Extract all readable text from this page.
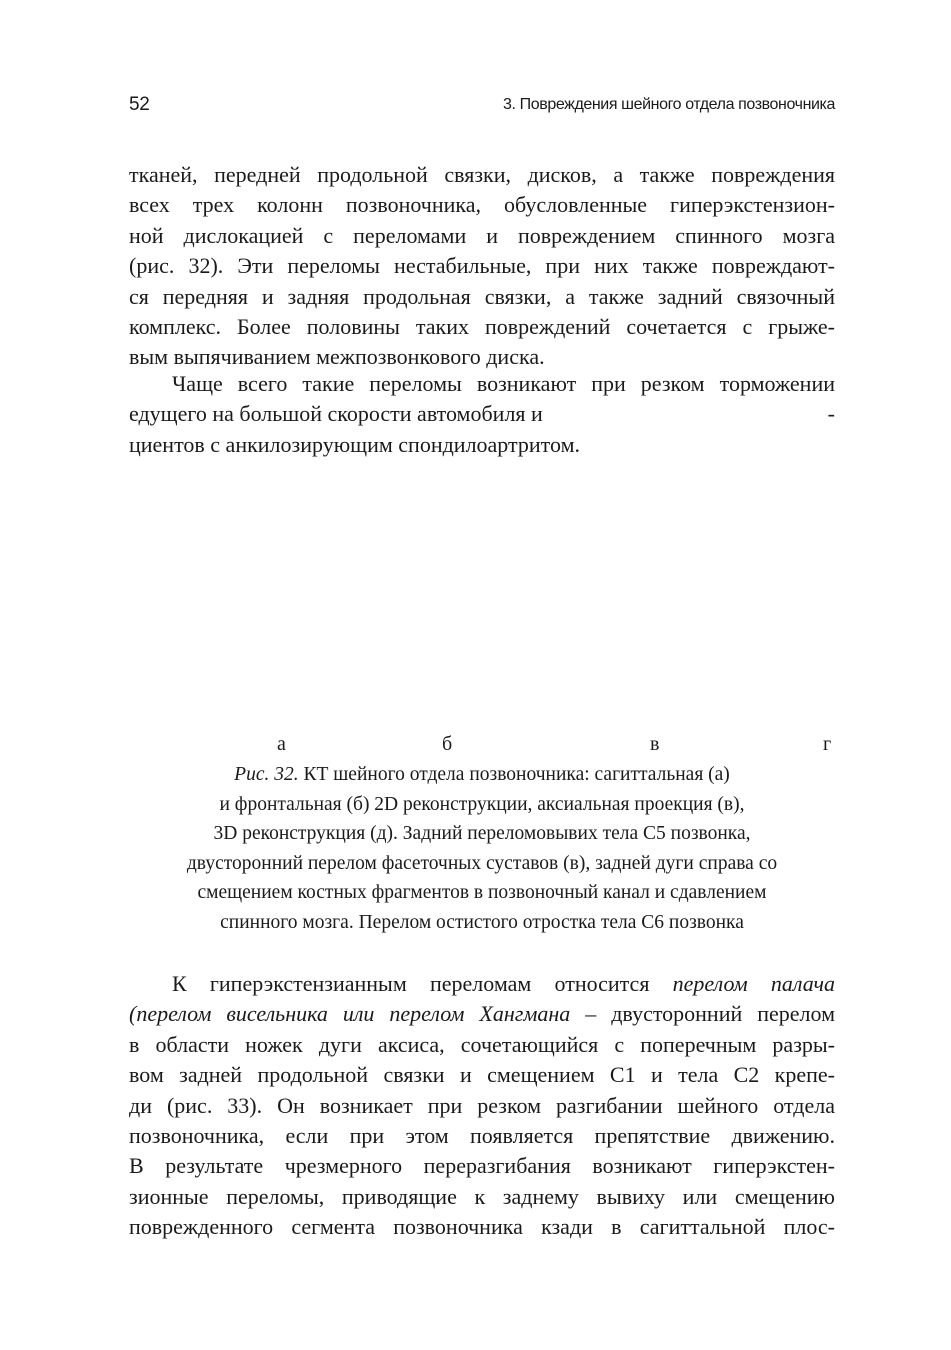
52	3. Повреждения шейного отдела позвоночника
тканей, передней продольной связки, дисков, а также повреждения
всех трех колонн позвоночника, обусловленные гиперэкстензион-
ной дислокацией с переломами и повреждением спинного мозга
(рис. 32). Эти переломы нестабильные, при них также повреждают-
ся передняя и задняя продольная связки, а также задний связочный
комплекс. Более половины таких повреждений сочетается с грыже-
вым выпячиванием межпозвонкового диска.
Чаще всего такие переломы возникают при резком торможении
едущего на большой скорости автомобиля и	-
циентов с анкилозирующим спондилоартритом.
а	б	в	г
Рис. 32. КТ шейного отдела позвоночника: сагиттальная (а)
и фронтальная (б) 2D реконструкции, аксиальная проекция (в),
3D реконструкция (д). Задний переломовывих тела С5 позвонка,
двусторонний перелом фасеточных суставов (в), задней дуги справа со
смещением костных фрагментов в позвоночный канал и сдавлением
спинного мозга. Перелом остистого отростка тела С6 позвонка
К гиперэкстензианным переломам относится перелом палача
(перелом висельника или перелом Хангмана – двусторонний перелом
в области ножек дуги аксиса, сочетающийся с поперечным разры-
вом задней продольной связки и смещением С1 и тела С2 крепе-
ди (рис. 33). Он возникает при резком разгибании шейного отдела
позвоночника, если при этом появляется препятствие движению.
В результате чрезмерного переразгибания возникают гиперэкстен-
зионные переломы, приводящие к заднему вывиху или смещению
поврежденного сегмента позвоночника кзади в сагиттальной плос-
